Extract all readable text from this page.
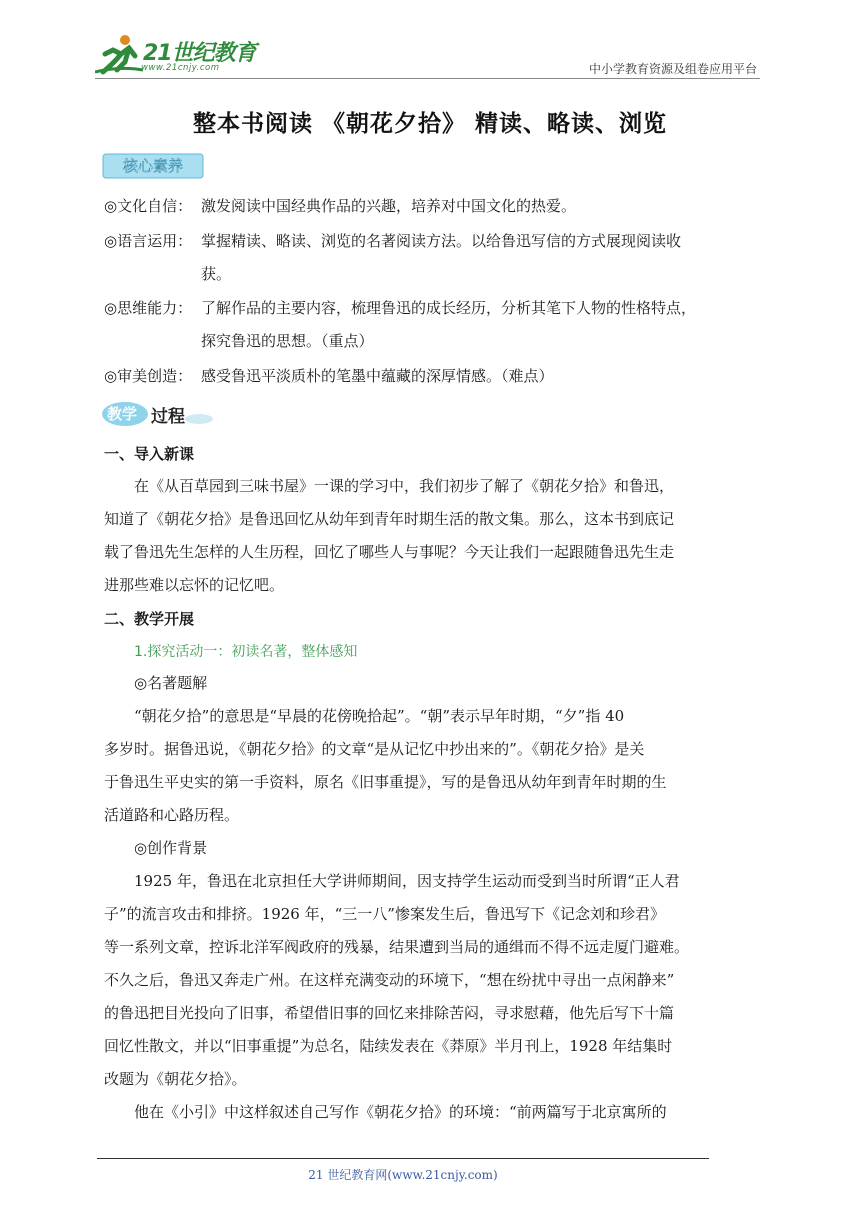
21世纪教育
www.21cnjy.com	中小学教育资源及组卷应用平台
整本书阅读 《朝花夕拾》 精读、略读、浏览
核心素养
◎文化自信： 激发阅读中国经典作品的兴趣，培养对中国文化的热爱。
◎语言运用： 掌握精读、略读、浏览的名著阅读方法。以给鲁迅写信的方式展现阅读收
获。
◎思维能力： 了解作品的主要内容，梳理鲁迅的成长经历，分析其笔下人物的性格特点，
探究鲁迅的思想。（重点）
◎审美创造： 感受鲁迅平淡质朴的笔墨中蕴藏的深厚情感。（难点）
教学 过程
一、导入新课
在《从百草园到三味书屋》一课的学习中，我们初步了解了《朝花夕拾》和鲁迅，
知道了《朝花夕拾》是鲁迅回忆从幼年到青年时期生活的散文集。那么，这本书到底记
载了鲁迅先生怎样的人生历程，回忆了哪些人与事呢？今天让我们一起跟随鲁迅先生走
进那些难以忘怀的记忆吧。
二、教学开展
1.探究活动一：初读名著，整体感知
◎名著题解
“朝花夕拾”的意思是“早晨的花傍晚拾起”。“朝”表示早年时期，“夕”指 40
多岁时。据鲁迅说，《朝花夕拾》的文章“是从记忆中抄出来的”。《朝花夕拾》是关
于鲁迅生平史实的第一手资料，原名《旧事重提》，写的是鲁迅从幼年到青年时期的生
活道路和心路历程。
◎创作背景
1925 年，鲁迅在北京担任大学讲师期间，因支持学生运动而受到当时所谓“正人君
子”的流言攻击和排挤。1926 年，“三一八”惨案发生后，鲁迅写下《记念刘和珍君》
等一系列文章，控诉北洋军阀政府的残暴，结果遭到当局的通缉而不得不远走厦门避难。
不久之后，鲁迅又奔走广州。在这样充满变动的环境下，“想在纷扰中寻出一点闲静来”
的鲁迅把目光投向了旧事，希望借旧事的回忆来排除苦闷，寻求慰藉，他先后写下十篇
回忆性散文，并以“旧事重提”为总名，陆续发表在《莽原》半月刊上，1928 年结集时
改题为《朝花夕拾》。
他在《小引》中这样叙述自己写作《朝花夕拾》的环境：“前两篇写于北京寓所的
21 世纪教育网(www.21cnjy.com)
